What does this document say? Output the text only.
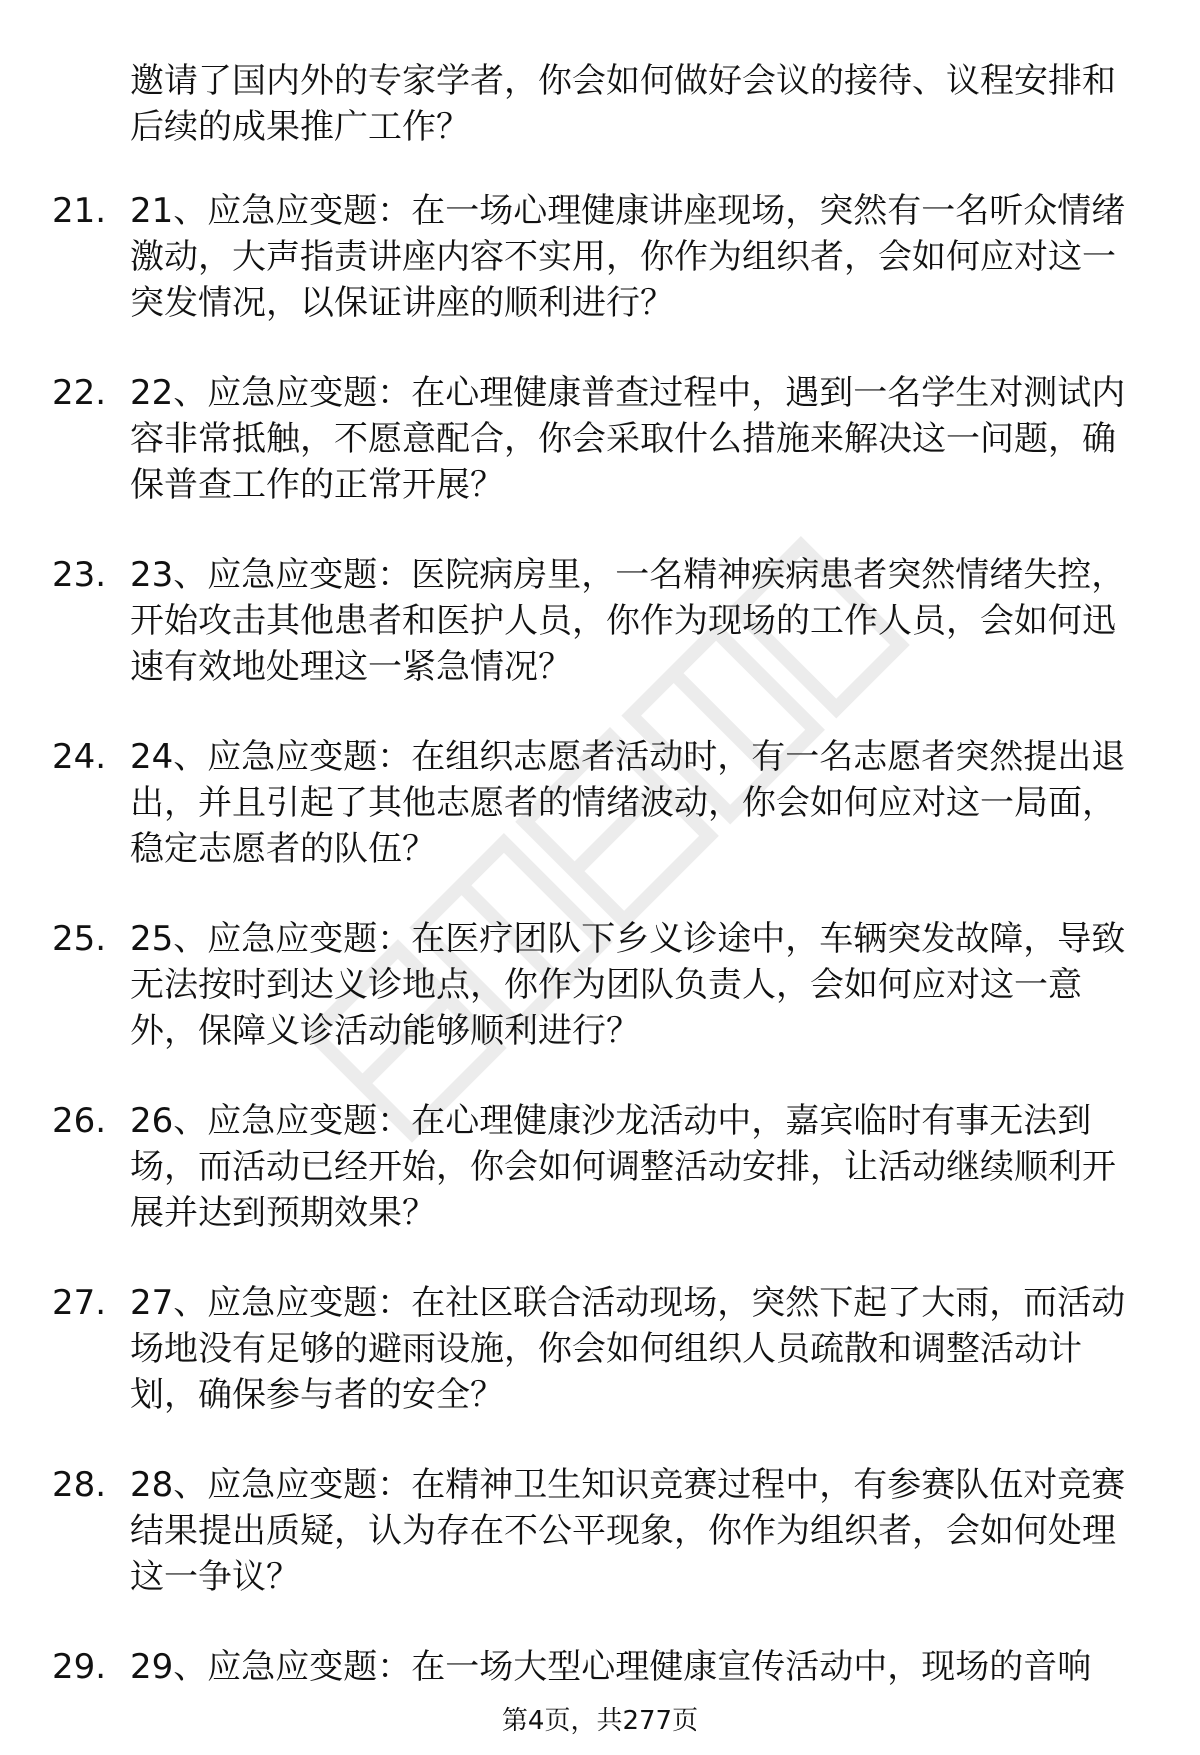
邀请了国内外的专家学者，你会如何做好会议的接待、议程安排和后续的成果推广工作？

21. 21、应急应变题：在一场心理健康讲座现场，突然有一名听众情绪激动，大声指责讲座内容不实用，你作为组织者，会如何应对这一突发情况，以保证讲座的顺利进行？

22. 22、应急应变题：在心理健康普查过程中，遇到一名学生对测试内容非常抵触，不愿意配合，你会采取什么措施来解决这一问题，确保普查工作的正常开展？

23. 23、应急应变题：医院病房里，一名精神疾病患者突然情绪失控，开始攻击其他患者和医护人员，你作为现场的工作人员，会如何迅速有效地处理这一紧急情况？

24. 24、应急应变题：在组织志愿者活动时，有一名志愿者突然提出退出，并且引起了其他志愿者的情绪波动，你会如何应对这一局面，稳定志愿者的队伍？

25. 25、应急应变题：在医疗团队下乡义诊途中，车辆突发故障，导致无法按时到达义诊地点，你作为团队负责人，会如何应对这一意外，保障义诊活动能够顺利进行？

26. 26、应急应变题：在心理健康沙龙活动中，嘉宾临时有事无法到场，而活动已经开始，你会如何调整活动安排，让活动继续顺利开展并达到预期效果？

27. 27、应急应变题：在社区联合活动现场，突然下起了大雨，而活动场地没有足够的避雨设施，你会如何组织人员疏散和调整活动计划，确保参与者的安全？

28. 28、应急应变题：在精神卫生知识竞赛过程中，有参赛队伍对竞赛结果提出质疑，认为存在不公平现象，你作为组织者，会如何处理这一争议？

29. 29、应急应变题：在一场大型心理健康宣传活动中，现场的音响

第4页，共277页
